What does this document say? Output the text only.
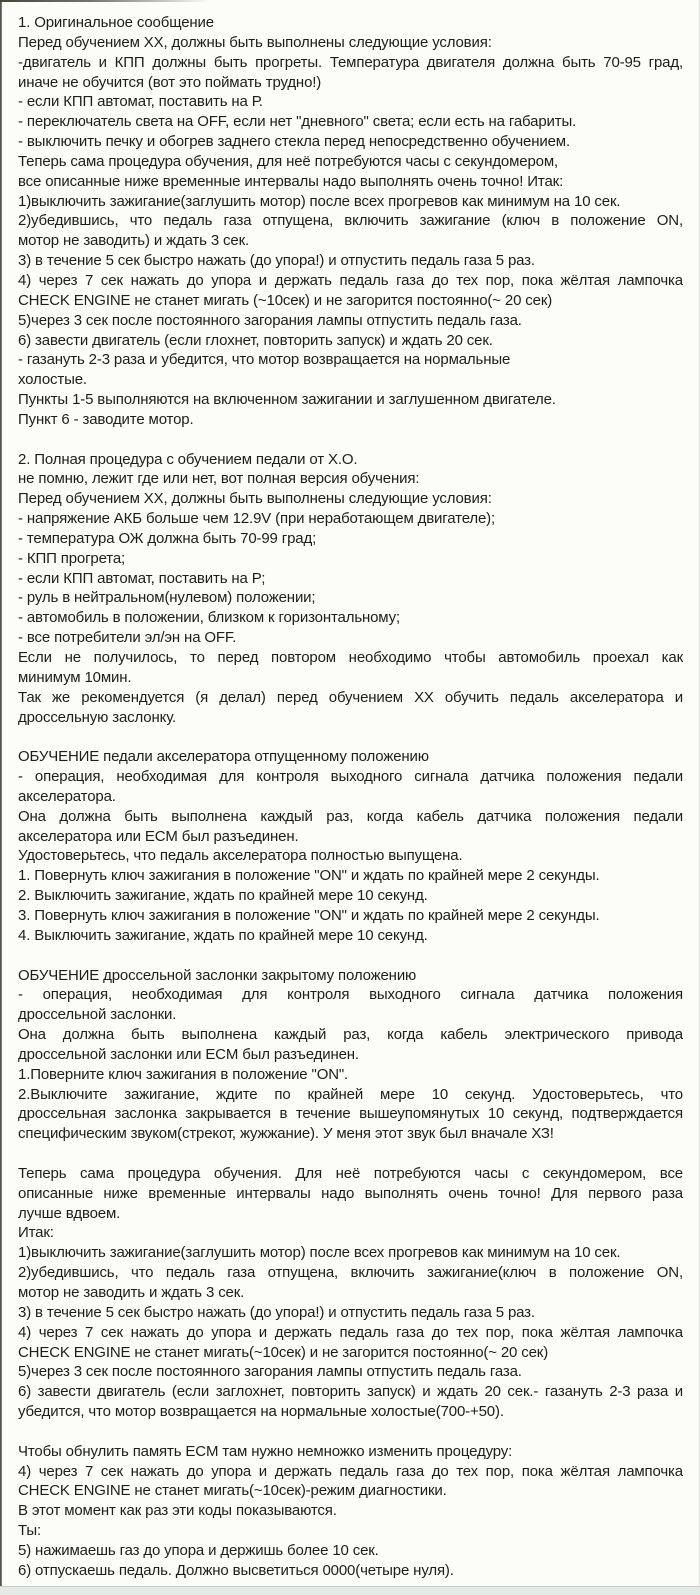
1. Оригинальное сообщение
Перед обучением ХХ, должны быть выполнены следующие условия:
-двигатель и КПП должны быть прогреты. Температура двигателя должна быть 70-95 град,
иначе не обучится (вот это поймать трудно!)
- если КПП автомат, поставить на Р.
- переключатель света на OFF, если нет "дневного" света; если есть на габариты.
- выключить печку и обогрев заднего стекла перед непосредственно обучением.
Теперь сама процедура обучения, для неё потребуются часы с секундомером,
все описанные ниже временные интервалы надо выполнять очень точно! Итак:
1)выключить зажигание(заглушить мотор) после всех прогревов как минимум на 10 сек.
2)убедившись, что педаль газа отпущена, включить зажигание (ключ в положение ON,
мотор не заводить) и ждать 3 сек.
3) в течение 5 сек быстро нажать (до упора!) и отпустить педаль газа 5 раз.
4) через 7 сек нажать до упора и держать педаль газа до тех пор, пока жёлтая лампочка
CHECK ENGINE не станет мигать (~10сек) и не загорится постоянно(~ 20 сек)
5)через 3 сек после постоянного загорания лампы отпустить педаль газа.
6) завести двигатель (если глохнет, повторить запуск) и ждать 20 сек.
- газануть 2-3 раза и убедится, что мотор возвращается на нормальные
холостые.
Пункты 1-5 выполняются на включенном зажигании и заглушенном двигателе.
Пункт 6 - заводите мотор.

2. Полная процедура с обучением педали от Х.О.
не помню, лежит где или нет, вот полная версия обучения:
Перед обучением ХХ, должны быть выполнены следующие условия:
- напряжение АКБ больше чем 12.9V (при неработающем двигателе);
- температура ОЖ должна быть 70-99 град;
- КПП прогрета;
- если КПП автомат, поставить на Р;
- руль в нейтральном(нулевом) положении;
- автомобиль в положении, близком к горизонтальному;
- все потребители эл/эн на OFF.
Если не получилось, то перед повтором необходимо чтобы автомобиль проехал как
минимум 10мин.
Так же рекомендуется (я делал) перед обучением ХХ обучить педаль акселератора и
дроссельную заслонку.

ОБУЧЕНИЕ педали акселератора отпущенному положению
- операция, необходимая для контроля выходного сигнала датчика положения педали
акселератора.
Она должна быть выполнена каждый раз, когда кабель датчика положения педали
акселератора или ECM был разъединен.
Удостоверьтесь, что педаль акселератора полностью выпущена.
1. Повернуть ключ зажигания в положение "ON" и ждать по крайней мере 2 секунды.
2. Выключить зажигание, ждать по крайней мере 10 секунд.
3. Повернуть ключ зажигания в положение "ON" и ждать по крайней мере 2 секунды.
4. Выключить зажигание, ждать по крайней мере 10 секунд.

ОБУЧЕНИЕ дроссельной заслонки закрытому положению
- операция, необходимая для контроля выходного сигнала датчика положения
дроссельной заслонки.
Она должна быть выполнена каждый раз, когда кабель электрического привода
дроссельной заслонки или ECM был разъединен.
1.Поверните ключ зажигания в положение "ON".
2.Выключите зажигание, ждите по крайней мере 10 секунд. Удостоверьтесь, что
дроссельная заслонка закрывается в течение вышеупомянутых 10 секунд, подтверждается
специфическим звуком(стрекот, жужжание). У меня этот звук был вначале ХЗ!

Теперь сама процедура обучения. Для неё потребуются часы с секундомером, все
описанные ниже временные интервалы надо выполнять очень точно! Для первого раза
лучше вдвоем.
Итак:
1)выключить зажигание(заглушить мотор) после всех прогревов как минимум на 10 сек.
2)убедившись, что педаль газа отпущена, включить зажигание(ключ в положение ON,
мотор не заводить и ждать 3 сек.
3) в течение 5 сек быстро нажать (до упора!) и отпустить педаль газа 5 раз.
4) через 7 сек нажать до упора и держать педаль газа до тех пор, пока жёлтая лампочка
CHECK ENGINE не станет мигать(~10сек) и не загорится постоянно(~ 20 сек)
5)через 3 сек после постоянного загорания лампы отпустить педаль газа.
6) завести двигатель (если заглохнет, повторить запуск) и ждать 20 сек.- газануть 2-3 раза и
убедится, что мотор возвращается на нормальные холостые(700-+50).

Чтобы обнулить память ECM там нужно немножко изменить процедуру:
4) через 7 сек нажать до упора и держать педаль газа до тех пор, пока жёлтая лампочка
CHECK ENGINE не станет мигать(~10сек)-режим диагностики.
В этот момент как раз эти коды показываются.
Ты:
5) нажимаешь газ до упора и держишь более 10 сек.
6) отпускаешь педаль. Должно высветиться 0000(четыре нуля).
